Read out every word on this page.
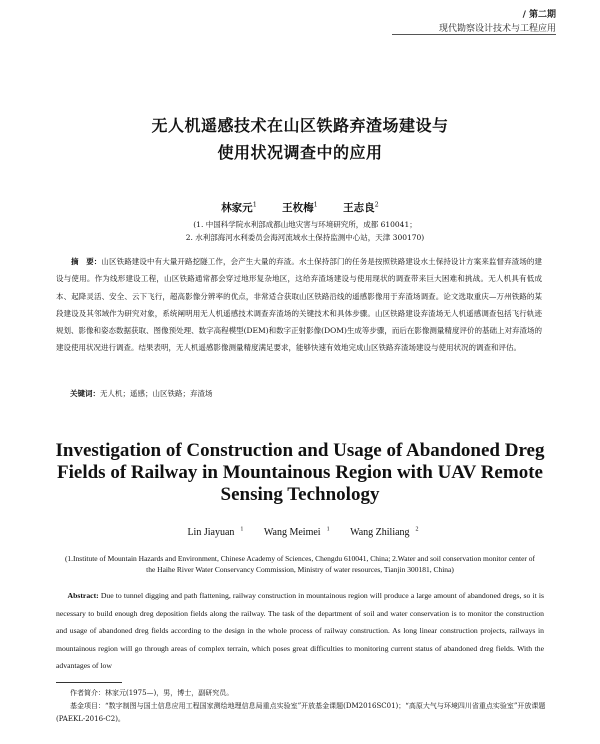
/ 第二期
现代勘察设计技术与工程应用
无人机遥感技术在山区铁路弃渣场建设与
使用状况调查中的应用
林家元$^1$ 王枚梅$^1$ 王志良$^2$
(1. 中国科学院水利部成都山地灾害与环境研究所，成都 610041；
2. 水利部海河水利委员会海河流域水土保持监测中心站，天津 300170)
摘　要：山区铁路建设中有大量开路挖隧工作，会产生大量的弃渣。水土保持部门的任务是按照铁路建设水土保持设计方案来监督弃渣场的建设与使用。作为线形建设工程，山区铁路通常都会穿过地形复杂地区，这给弃渣场建设与使用现状的调查带来巨大困难和挑战。无人机具有低成本、起降灵活、安全、云下飞行，超高影像分辨率的优点，非常适合获取山区铁路沿线的遥感影像用于弃渣场调查。论文选取重庆—万州铁路的某段建设及其邻域作为研究对象，系统阐明用无人机遥感技术调查弃渣场的关键技术和具体步骤。山区铁路建设弃渣场无人机遥感调查包括飞行轨迹规划、影像和姿态数据获取、图像预处理、数字高程模型(DEM)和数字正射影像(DOM)生成等步骤，而后在影像测量精度评价的基础上对弃渣场的建设使用状况进行调查。结果表明，无人机遥感影像测量精度满足要求，能够快速有效地完成山区铁路弃渣场建设与使用状况的调查和评估。
关键词：无人机；遥感；山区铁路；弃渣场
Investigation of Construction and Usage of Abandoned Dreg
Fields of Railway in Mountainous Region with UAV Remote
Sensing Technology
Lin Jiayuan $^1$ Wang Meimei $^1$ Wang Zhiliang $^2$
(1.Institute of Mountain Hazards and Environment, Chinese Academy of Sciences, Chengdu 610041, China; 2.Water and soil conservation monitor center of the Haihe River Water Conservancy Commission, Ministry of water resources, Tianjin 300181, China)
Abstract: Due to tunnel digging and path flattening, railway construction in mountainous region will produce a large amount of abandoned dregs, so it is necessary to build enough dreg deposition fields along the railway. The task of the department of soil and water conservation is to monitor the construction and usage of abandoned dreg fields according to the design in the whole process of railway construction. As long linear construction projects, railways in mountainous region will go through areas of complex terrain, which poses great difficulties to monitoring current status of abandoned dreg fields. With the advantages of low

作者简介：林家元(1975—)，男，博士，副研究员。

基金项目：“数字制图与国土信息应用工程国家测绘地理信息局重点实验室”开放基金课题(DM2016SC01)；“高原大气与环境四川省重点实验室”开放课题(PAEKL-2016-C2)。
